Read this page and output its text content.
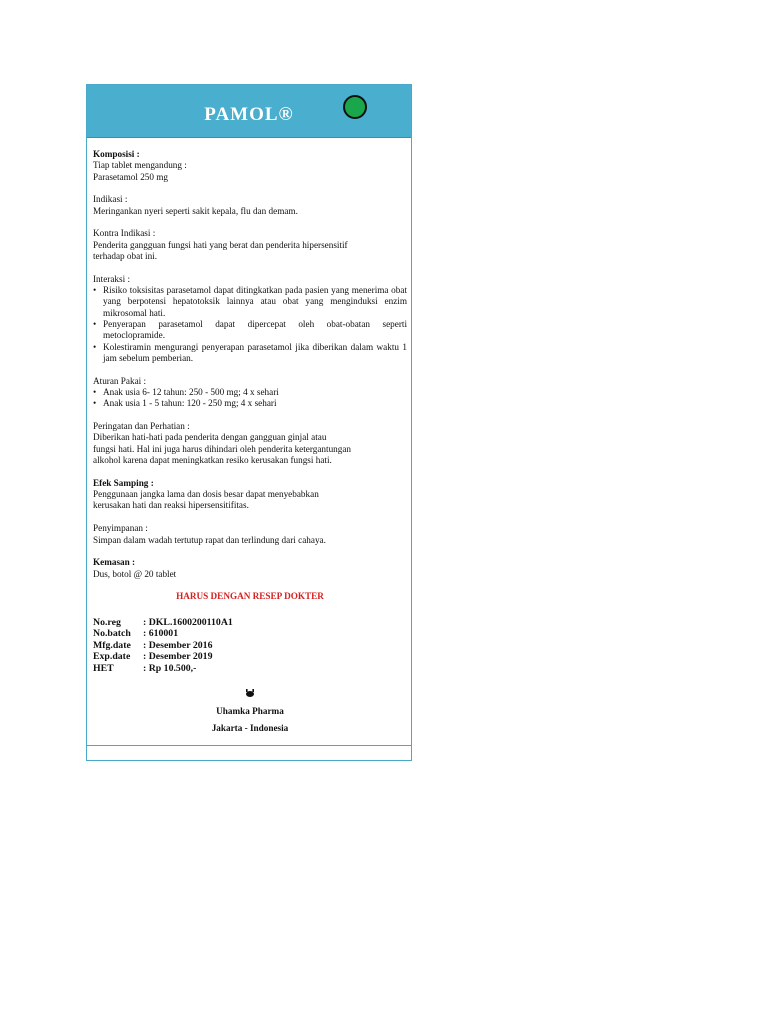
PAMOL®
Komposisi :
Tiap tablet mengandung :
Parasetamol 250 mg
Indikasi :
Meringankan nyeri seperti sakit kepala, flu dan demam.
Kontra Indikasi :
Penderita gangguan fungsi hati yang berat dan penderita hipersensitif
terhadap obat ini.
Interaksi :
• Risiko toksisitas parasetamol dapat ditingkatkan pada pasien yang menerima obat yang berpotensi hepatotoksik lainnya atau obat yang menginduksi enzim mikrosomal hati.
• Penyerapan parasetamol dapat dipercepat oleh obat-obatan seperti metoclopramide.
• Kolestiramin mengurangi penyerapan parasetamol jika diberikan dalam waktu 1 jam sebelum pemberian.
Aturan Pakai :
• Anak usia 6- 12 tahun: 250 - 500 mg; 4 x sehari
• Anak usia 1 - 5 tahun: 120 - 250 mg; 4 x sehari
Peringatan dan Perhatian :
Diberikan hati-hati pada penderita dengan gangguan ginjal atau
fungsi hati. Hal ini juga harus dihindari oleh penderita ketergantungan
alkohol karena dapat meningkatkan resiko kerusakan fungsi hati.
Efek Samping :
Penggunaan jangka lama dan dosis besar dapat menyebabkan
kerusakan hati dan reaksi hipersensitifitas.
Penyimpanan :
Simpan dalam wadah tertutup rapat dan terlindung dari cahaya.
Kemasan :
Dus, botol @ 20 tablet
HARUS DENGAN RESEP DOKTER
No.reg	: DKL.1600200110A1
No.batch	: 610001
Mfg.date	: Desember 2016
Exp.date	: Desember 2019
HET	: Rp 10.500,-
Uhamka Pharma
Jakarta - Indonesia
